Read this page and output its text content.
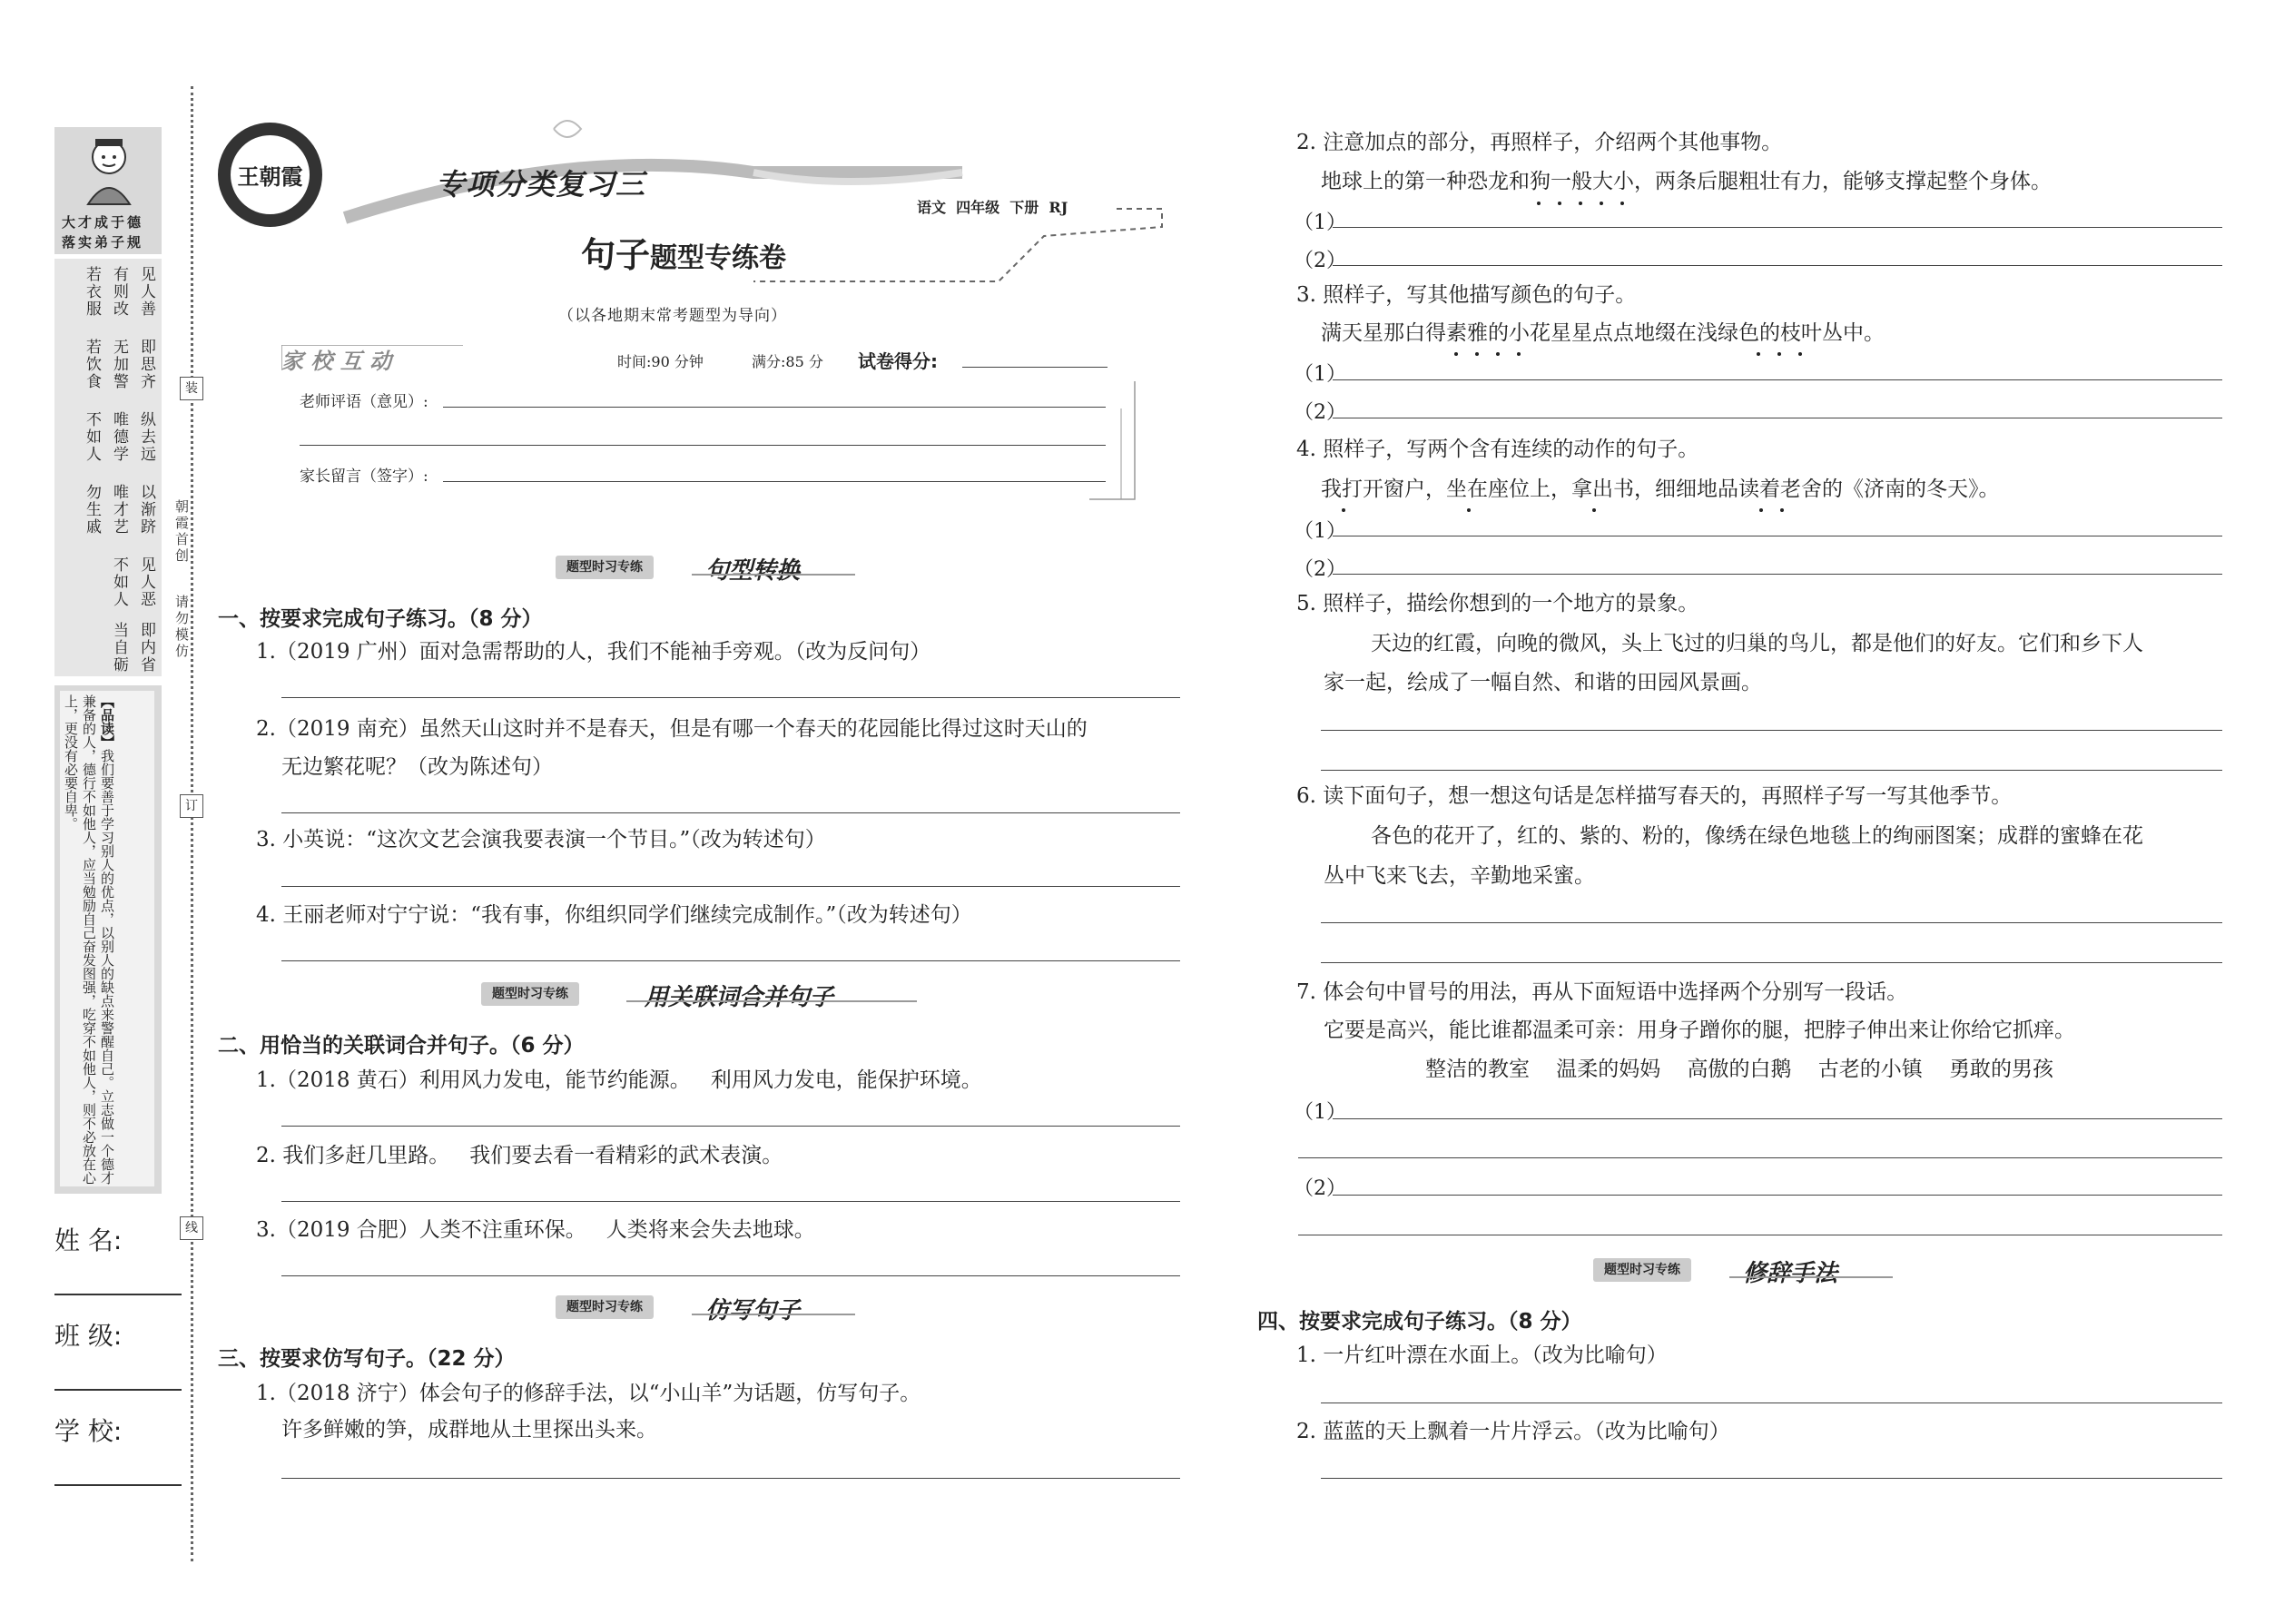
大才成于德
落实弟子规
见人善
即思齐
纵去远
以渐跻
见人恶
即内省
有则改
无加警
唯德学
唯才艺
不如人
当自砺
若衣服
若饮食
不如人
勿生戚
【品读】我们要善于学习别人的优点，以别人的缺点来警醒自己。立志做一个德才兼备的人，德行不如他人，应当勉励自己奋发图强，吃穿不如他人，则不必放在心上，更没有必要自卑。
姓 名:
班 级:
学 校:
装
订
线
朝霞首创
请勿模仿
王朝霞	专项分类复习三
句子题型专练卷
语文  四年级  下册  RJ
（以各地期末常考题型为导向）
家 校 互 动	时间:90 分钟	满分:85 分 试卷得分:
老师评语（意见）:
家长留言（签字）:
题型时习专练	句型转换
一、按要求完成句子练习。（8 分）
1.（2019 广州）面对急需帮助的人，我们不能袖手旁观。（改为反问句）
2.（2019 南充）虽然天山这时并不是春天，但是有哪一个春天的花园能比得过这时天山的
无边繁花呢？（改为陈述句）
3. 小英说：“这次文艺会演我要表演一个节目。”（改为转述句）
4. 王丽老师对宁宁说：“我有事，你组织同学们继续完成制作。”（改为转述句）
题型时习专练	用关联词合并句子
二、用恰当的关联词合并句子。（6 分）
1.（2018 黄石）利用风力发电，能节约能源。   利用风力发电，能保护环境。
2. 我们多赶几里路。   我们要去看一看精彩的武术表演。
3.（2019 合肥）人类不注重环保。   人类将来会失去地球。
题型时习专练	仿写句子
三、按要求仿写句子。（22 分）
1.（2018 济宁）体会句子的修辞手法，以“小山羊”为话题，仿写句子。
许多鲜嫩的笋，成群地从土里探出头来。
2. 注意加点的部分，再照样子，介绍两个其他事物。
地球上的第一种恐龙和狗一般大小，两条后腿粗壮有力，能够支撑起整个身体。
（1）
（2）
3. 照样子，写其他描写颜色的句子。
满天星那白得素雅的小花星星点点地缀在浅绿色的枝叶丛中。
（1）
（2）
4. 照样子，写两个含有连续的动作的句子。
我打开窗户，坐在座位上，拿出书，细细地品读着老舍的《济南的冬天》。
（1）
（2）
5. 照样子，描绘你想到的一个地方的景象。
天边的红霞，向晚的微风，头上飞过的归巢的鸟儿，都是他们的好友。它们和乡下人
家一起，绘成了一幅自然、和谐的田园风景画。
6. 读下面句子，想一想这句话是怎样描写春天的，再照样子写一写其他季节。
各色的花开了，红的、紫的、粉的，像绣在绿色地毯上的绚丽图案；成群的蜜蜂在花
丛中飞来飞去，辛勤地采蜜。
7. 体会句中冒号的用法，再从下面短语中选择两个分别写一段话。
它要是高兴，能比谁都温柔可亲：用身子蹭你的腿，把脖子伸出来让你给它抓痒。
整洁的教室    温柔的妈妈    高傲的白鹅    古老的小镇    勇敢的男孩
（1）
（2）
题型时习专练	修辞手法
四、按要求完成句子练习。（8 分）
1. 一片红叶漂在水面上。（改为比喻句）
2. 蓝蓝的天上飘着一片片浮云。（改为比喻句）
